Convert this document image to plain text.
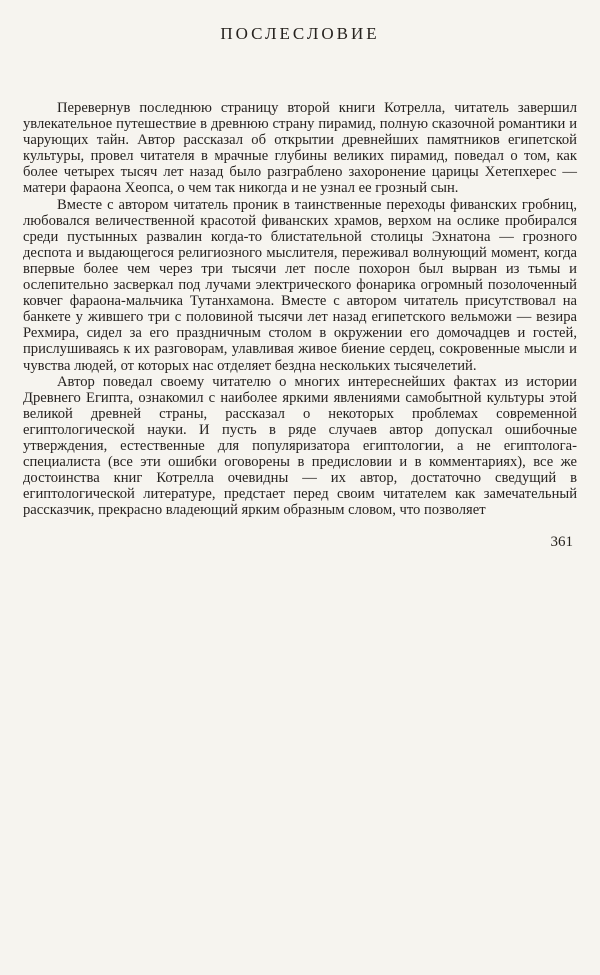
ПОСЛЕСЛОВИЕ

Перевернув последнюю страницу второй книги Котрелла, читатель завершил увлекательное путешествие в древнюю страну пирамид, полную сказочной романтики и чарующих тайн. Автор рассказал об открытии древнейших памятников египетской культуры, провел читателя в мрачные глубины великих пирамид, поведал о том, как более четырех тысяч лет назад было разграблено захоронение царицы Хетепхерес — матери фараона Хеопса, о чем так никогда и не узнал ее грозный сын.

Вместе с автором читатель проник в таинственные переходы фиванских гробниц, любовался величественной красотой фиванских храмов, верхом на ослике пробирался среди пустынных развалин когда-то блистательной столицы Эхнатона — грозного деспота и выдающегося религиозного мыслителя, переживал волнующий момент, когда впервые более чем через три тысячи лет после похорон был вырван из тьмы и ослепительно засверкал под лучами электрического фонарика огромный позолоченный ковчег фараона-мальчика Тутанхамона. Вместе с автором читатель присутствовал на банкете у жившего три с половиной тысячи лет назад египетского вельможи — везира Рехмира, сидел за его праздничным столом в окружении его домочадцев и гостей, прислушиваясь к их разговорам, улавливая живое биение сердец, сокровенные мысли и чувства людей, от которых нас отделяет бездна нескольких тысячелетий.

Автор поведал своему читателю о многих интереснейших фактах из истории Древнего Египта, ознакомил с наиболее яркими явлениями самобытной культуры этой великой древней страны, рассказал о некоторых проблемах современной египтологической науки. И пусть в ряде случаев автор допускал ошибочные утверждения, естественные для популяризатора египтологии, а не египтолога-специалиста (все эти ошибки оговорены в предисловии и в комментариях), все же достоинства книг Котрелла очевидны — их автор, достаточно сведущий в египтологической литературе, предстает перед своим читателем как замечательный рассказчик, прекрасно владеющий ярким образным словом, что позволяет

361
